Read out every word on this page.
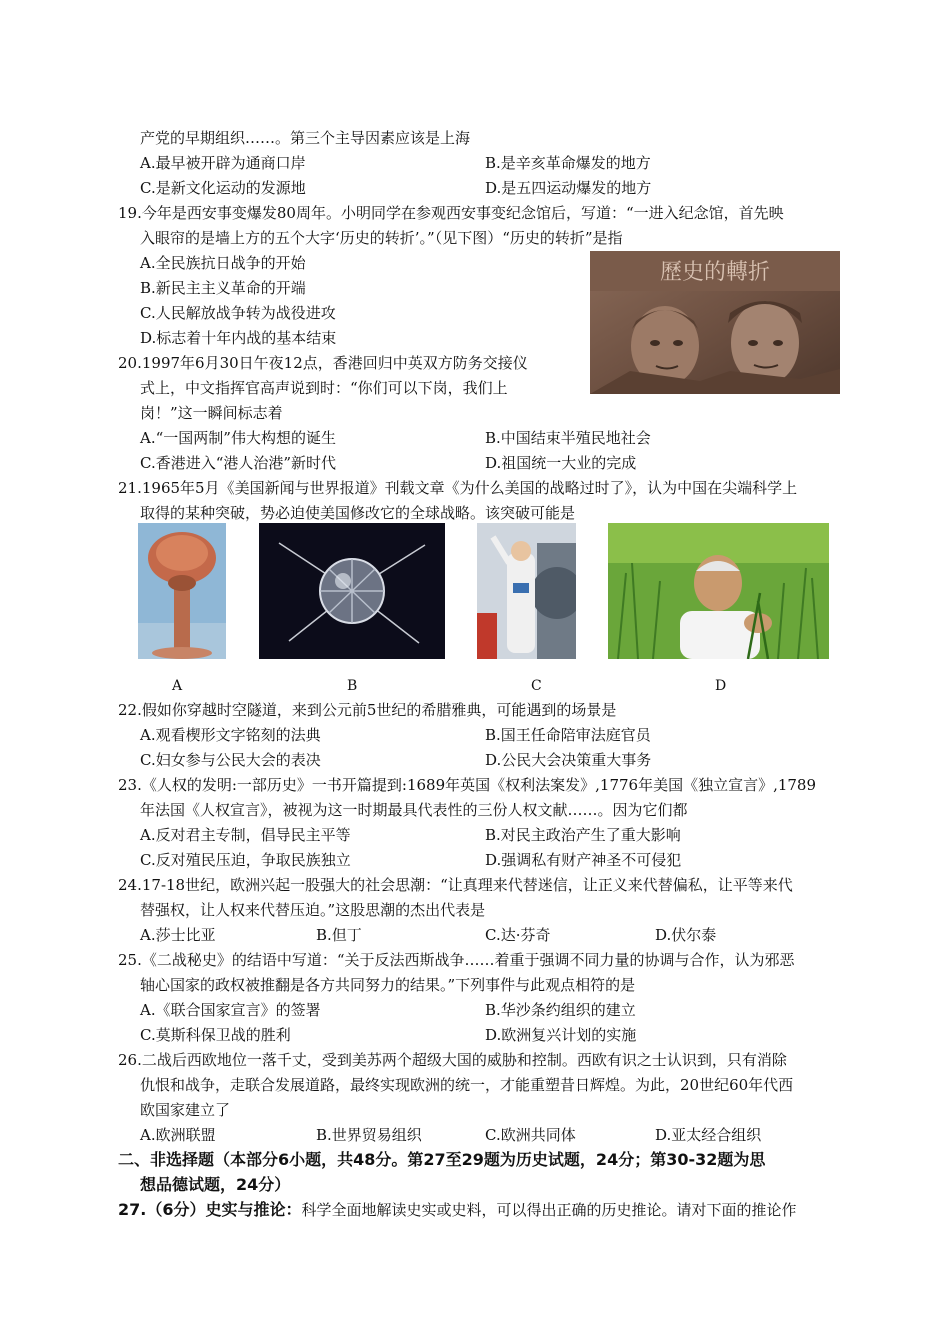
产党的早期组织……。第三个主导因素应该是上海
A.最早被开辟为通商口岸	B.是辛亥革命爆发的地方
C.是新文化运动的发源地	D.是五四运动爆发的地方
19.今年是西安事变爆发80周年。小明同学在参观西安事变纪念馆后，写道：“一进入纪念馆，首先映
入眼帘的是墙上方的五个大字‘历史的转折’。”（见下图）“历史的转折”是指
A.全民族抗日战争的开始
B.新民主主义革命的开端
C.人民解放战争转为战役进攻
D.标志着十年内战的基本结束
歷史的轉折
20.1997年6月30日午夜12点，香港回归中英双方防务交接仪
式上，中文指挥官高声说到时：“你们可以下岗，我们上
岗！”这一瞬间标志着
A.“一国两制”伟大构想的诞生	B.中国结束半殖民地社会
C.香港进入“港人治港”新时代	D.祖国统一大业的完成
21.1965年5月《美国新闻与世界报道》刊载文章《为什么美国的战略过时了》，认为中国在尖端科学上
取得的某种突破，势必迫使美国修改它的全球战略。该突破可能是
A	B	C	D
22.假如你穿越时空隧道，来到公元前5世纪的希腊雅典，可能遇到的场景是
A.观看楔形文字铭刻的法典	B.国王任命陪审法庭官员
C.妇女参与公民大会的表决	D.公民大会决策重大事务
23.《人权的发明:一部历史》一书开篇提到:1689年英国《权利法案发》,1776年美国《独立宣言》,1789
年法国《人权宣言》，被视为这一时期最具代表性的三份人权文献……。因为它们都
A.反对君主专制，倡导民主平等	B.对民主政治产生了重大影响
C.反对殖民压迫，争取民族独立	D.强调私有财产神圣不可侵犯
24.17-18世纪，欧洲兴起一股强大的社会思潮：“让真理来代替迷信，让正义来代替偏私，让平等来代
替强权，让人权来代替压迫。”这股思潮的杰出代表是
A.莎士比亚	B.但丁	C.达·芬奇	D.伏尔泰
25.《二战秘史》的结语中写道：“关于反法西斯战争……着重于强调不同力量的协调与合作，认为邪恶
轴心国家的政权被推翻是各方共同努力的结果。”下列事件与此观点相符的是
A.《联合国家宣言》的签署	B.华沙条约组织的建立
C.莫斯科保卫战的胜利	D.欧洲复兴计划的实施
26.二战后西欧地位一落千丈，受到美苏两个超级大国的威胁和控制。西欧有识之士认识到，只有消除
仇恨和战争，走联合发展道路，最终实现欧洲的统一，才能重塑昔日辉煌。为此，20世纪60年代西
欧国家建立了
A.欧洲联盟	B.世界贸易组织	C.欧洲共同体	D.亚太经合组织
二、非选择题（本部分6小题，共48分。第27至29题为历史试题，24分；第30-32题为思
想品德试题，24分）
27.（6分）史实与推论：科学全面地解读史实或史料，可以得出正确的历史推论。请对下面的推论作
